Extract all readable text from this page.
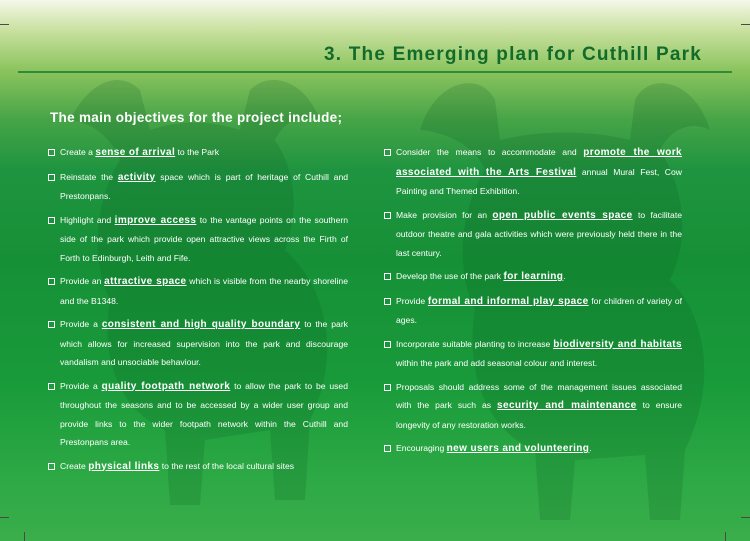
3. The Emerging plan for Cuthill Park

The main objectives for the project include;

Create a sense of arrival to the Park
Reinstate the activity space which is part of heritage of Cuthill and Prestonpans.
Highlight and improve access to the vantage points on the southern side of the park which provide open attractive views across the Firth of Forth to Edinburgh, Leith and Fife.
Provide an attractive space which is visible from the nearby shoreline and the B1348.
Provide a consistent and high quality boundary to the park which allows for increased supervision into the park and discourage vandalism and unsociable behaviour.
Provide a quality footpath network to allow the park to be used throughout the seasons and to be accessed by a wider user group and provide links to the wider footpath network within the Cuthill and Prestonpans area.
Create physical links to the rest of the local cultural sites
Consider the means to accommodate and promote the work associated with the Arts Festival annual Mural Fest, Cow Painting and Themed Exhibition.
Make provision for an open public events space to facilitate outdoor theatre and gala activities which were previously held there in the last century.
Develop the use of the park for learning.
Provide formal and informal play space for children of variety of ages.
Incorporate suitable planting to increase biodiversity and habitats within the park and add seasonal colour and interest.
Proposals should address some of the management issues associated with the park such as security and maintenance to ensure longevity of any restoration works.
Encouraging new users and volunteering.
